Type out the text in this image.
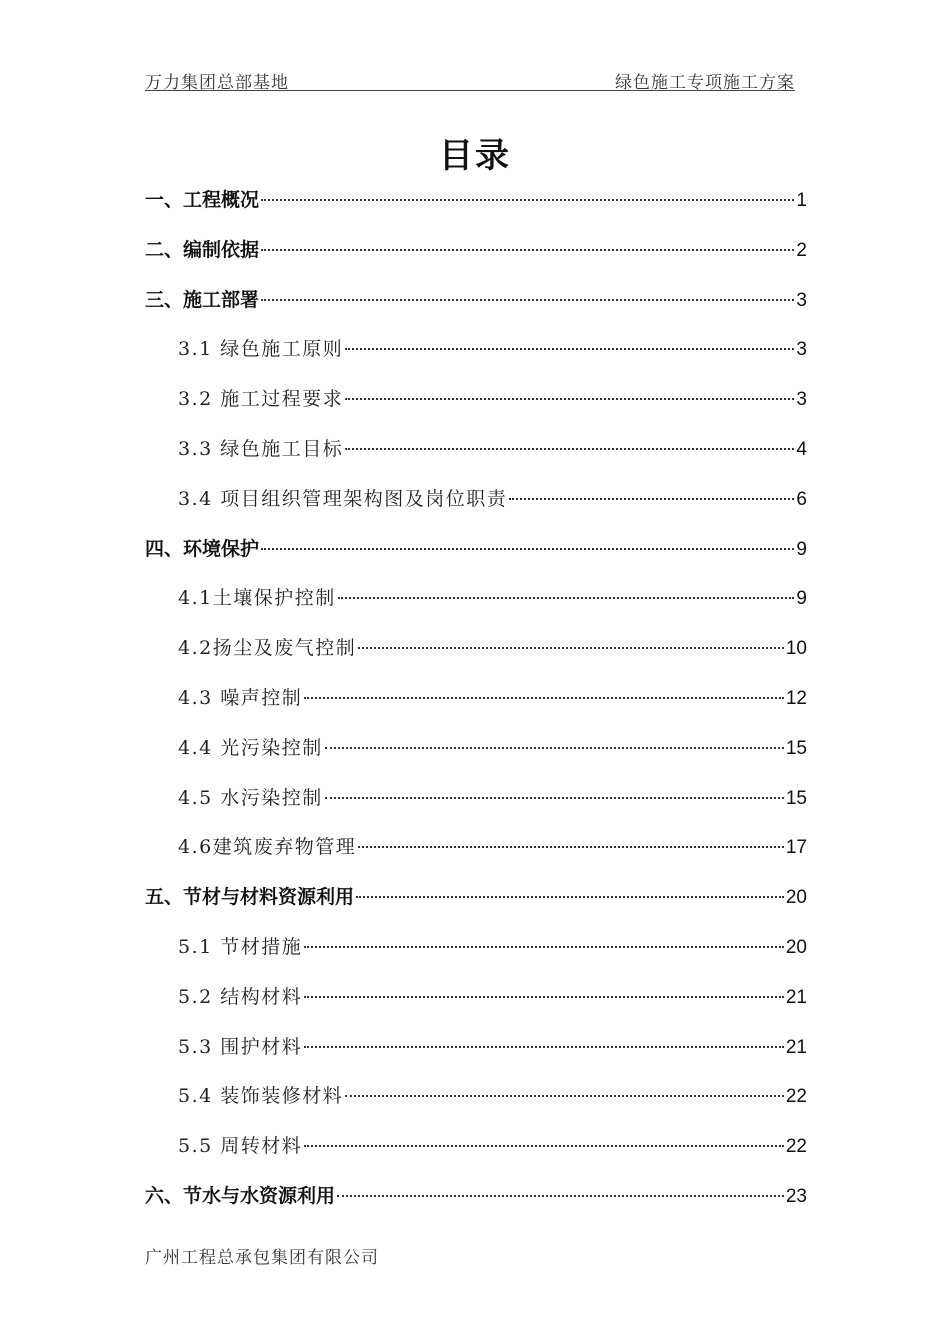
万力集团总部基地	绿色施工专项施工方案
目录
一、工程概况	1
二、编制依据	2
三、施工部署	3
3.1 绿色施工原则	3
3.2 施工过程要求	3
3.3 绿色施工目标	4
3.4 项目组织管理架构图及岗位职责	6
四、环境保护	9
4.1土壤保护控制	9
4.2扬尘及废气控制	10
4.3 噪声控制	12
4.4 光污染控制	15
4.5 水污染控制	15
4.6建筑废弃物管理	17
五、节材与材料资源利用	20
5.1 节材措施	20
5.2 结构材料	21
5.3 围护材料	21
5.4 装饰装修材料	22
5.5 周转材料	22
六、节水与水资源利用	23
广州工程总承包集团有限公司
